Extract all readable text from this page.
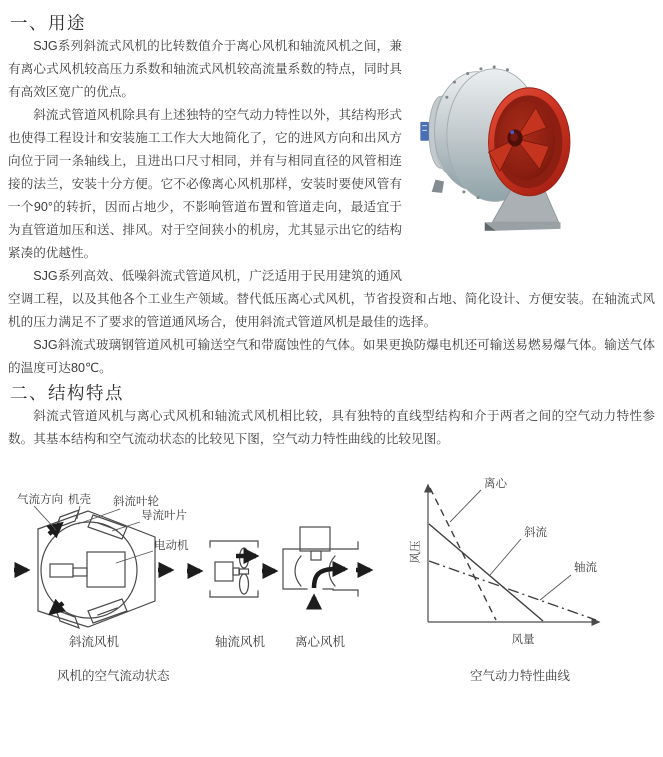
一、用途

SJG系列斜流式风机的比转数值介于离心风机和轴流风机之间，兼有离心式风机较高压力系数和轴流式风机较高流量系数的特点，同时具有高效区宽广的优点。

斜流式管道风机除具有上述独特的空气动力特性以外，其结构形式也使得工程设计和安装施工工作大大地简化了，它的进风方向和出风方向位于同一条轴线上，且进出口尺寸相同，并有与相同直径的风管相连接的法兰，安装十分方便。它不必像离心风机那样，安装时要使风管有一个90°的转折，因而占地少，不影响管道布置和管道走向，最适宜于为直管道加压和送、排风。对于空间狭小的机房，尤其显示出它的结构紧凑的优越性。

SJG系列高效、低噪斜流式管道风机，广泛适用于民用建筑的通风空调工程，以及其他各个工业生产领域。替代低压离心式风机，节省投资和占地、简化设计、方便安装。在轴流式风机的压力满足不了要求的管道通风场合，使用斜流式管道风机是最佳的选择。

SJG斜流式玻璃钢管道风机可输送空气和带腐蚀性的气体。如果更换防爆电机还可输送易燃易爆气体。输送气体的温度可达80℃。

二、结构特点

斜流式管道风机与离心式风机和轴流式风机相比较，具有独特的直线型结构和介于两者之间的空气动力特性参数。其基本结构和空气流动状态的比较见下图，空气动力特性曲线的比较见图。

气流方向 机壳 斜流叶轮
导流叶片
电动机
斜流风机	轴流风机 离心风机
风机的空气流动状态
离心
斜流
轴流
风压
风量
空气动力特性曲线
